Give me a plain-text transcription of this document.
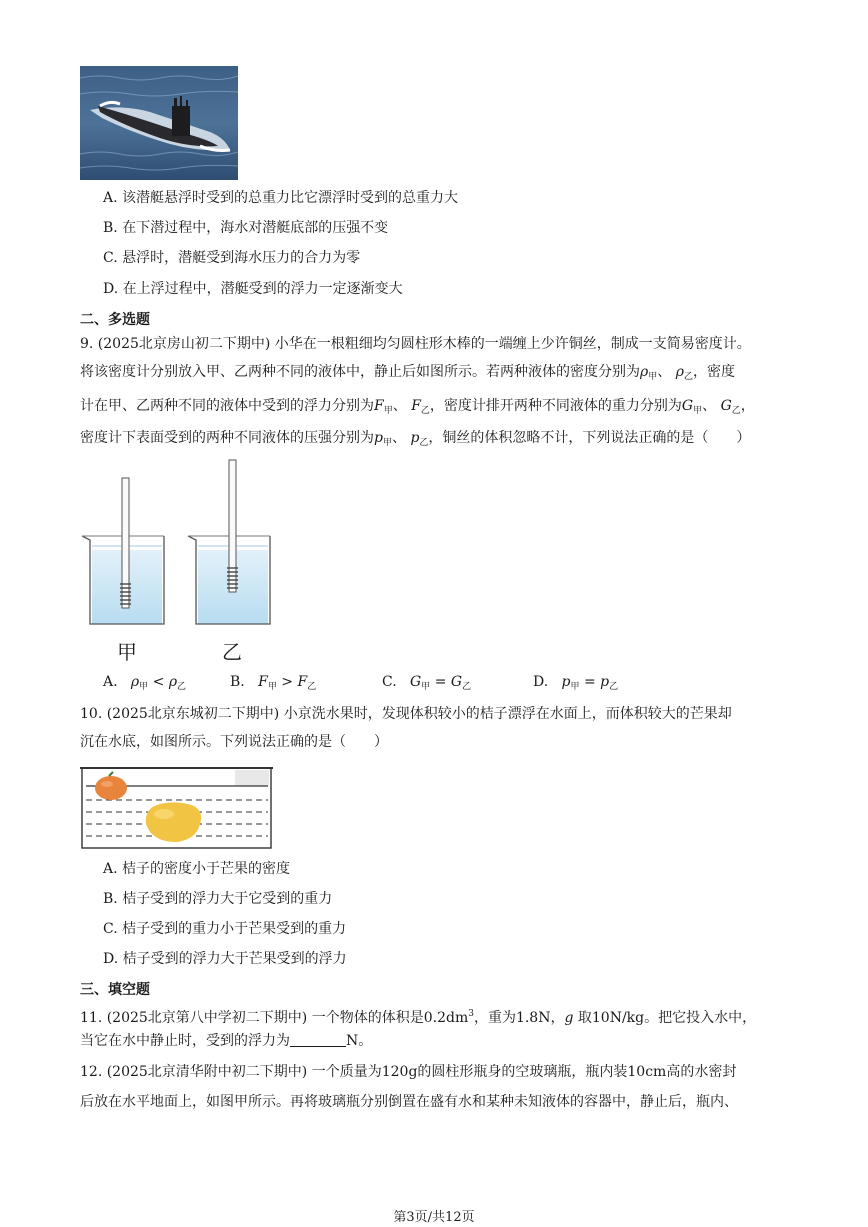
A. 该潜艇悬浮时受到的总重力比它漂浮时受到的总重力大
B. 在下潜过程中，海水对潜艇底部的压强不变
C. 悬浮时，潜艇受到海水压力的合力为零
D. 在上浮过程中，潜艇受到的浮力一定逐渐变大
二、多选题
9. (2025北京房山初二下期中) 小华在一根粗细均匀圆柱形木棒的一端缠上少许铜丝，制成一支简易密度计。
将该密度计分别放入甲、乙两种不同的液体中，静止后如图所示。若两种液体的密度分别为$\rho_甲$、 $\rho_乙$，密度
计在甲、乙两种不同的液体中受到的浮力分别为$F_甲$、 $F_乙$，密度计排开两种不同液体的重力分别为$G_甲$、 $G_乙$，
密度计下表面受到的两种不同液体的压强分别为$p_甲$、 $p_乙$，铜丝的体积忽略不计，下列说法正确的是（　　）
甲	乙
A. $\rho_甲 < \rho_乙$	B. $F_甲 > F_乙$	C. $G_甲 = G_乙$	D. $p_甲 = p_乙$
10. (2025北京东城初二下期中) 小京洗水果时，发现体积较小的桔子漂浮在水面上，而体积较大的芒果却
沉在水底，如图所示。下列说法正确的是（　　）
A. 桔子的密度小于芒果的密度
B. 桔子受到的浮力大于它受到的重力
C. 桔子受到的重力小于芒果受到的重力
D. 桔子受到的浮力大于芒果受到的浮力
三、填空题
11. (2025北京第八中学初二下期中) 一个物体的体积是$0.2dm^3$，重为1.8N，g 取10N/kg。把它投入水中，
当它在水中静止时，受到的浮力为	N。
12. (2025北京清华附中初二下期中) 一个质量为120g的圆柱形瓶身的空玻璃瓶，瓶内装10cm高的水密封
后放在水平地面上，如图甲所示。再将玻璃瓶分别倒置在盛有水和某种未知液体的容器中，静止后，瓶内、
第3页/共12页
